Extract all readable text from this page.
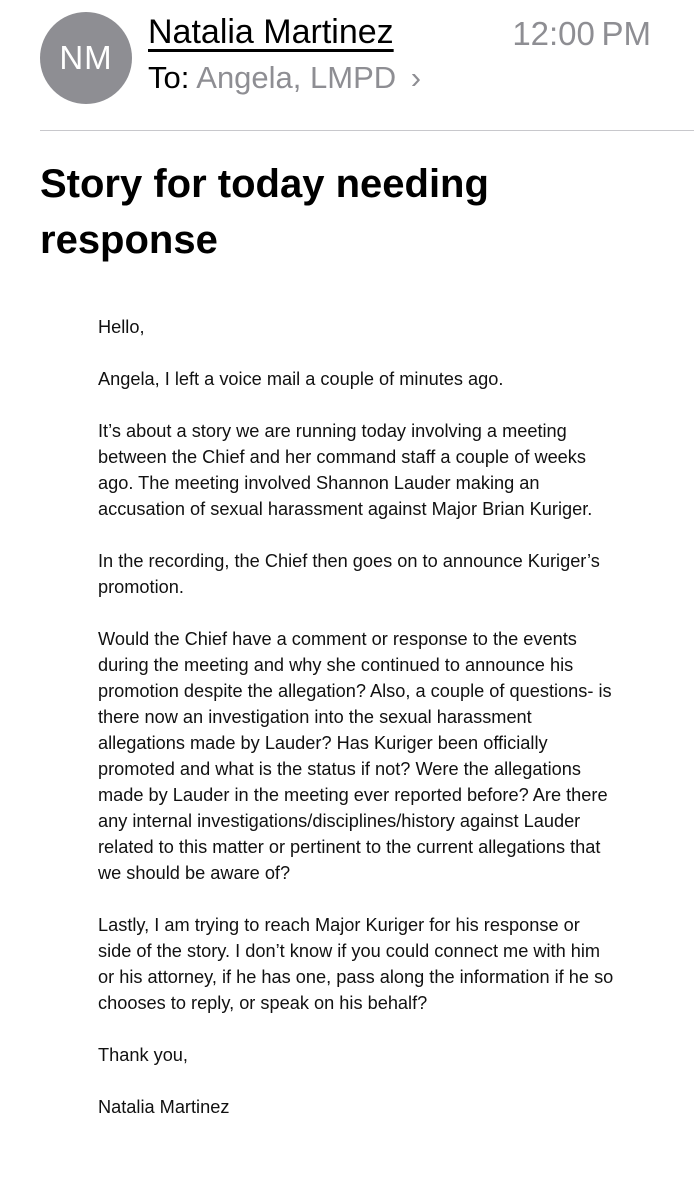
NM
Natalia Martinez	12:00 PM
To: Angela, LMPD ›
Story for today needing response

Hello,

Angela, I left a voice mail a couple of minutes ago.

It’s about a story we are running today involving a meeting between the Chief and her command staff a couple of weeks ago. The meeting involved Shannon Lauder making an accusation of sexual harassment against Major Brian Kuriger.

In the recording, the Chief then goes on to announce Kuriger’s promotion.

Would the Chief have a comment or response to the events during the meeting and why she continued to announce his promotion despite the allegation? Also, a couple of questions- is there now an investigation into the sexual harassment allegations made by Lauder? Has Kuriger been officially promoted and what is the status if not? Were the allegations made by Lauder in the meeting ever reported before? Are there any internal investigations/disciplines/history against Lauder related to this matter or pertinent to the current allegations that we should be aware of?

Lastly, I am trying to reach Major Kuriger for his response or side of the story. I don’t know if you could connect me with him or his attorney, if he has one, pass along the information if he so chooses to reply, or speak on his behalf?

Thank you,

Natalia Martinez
